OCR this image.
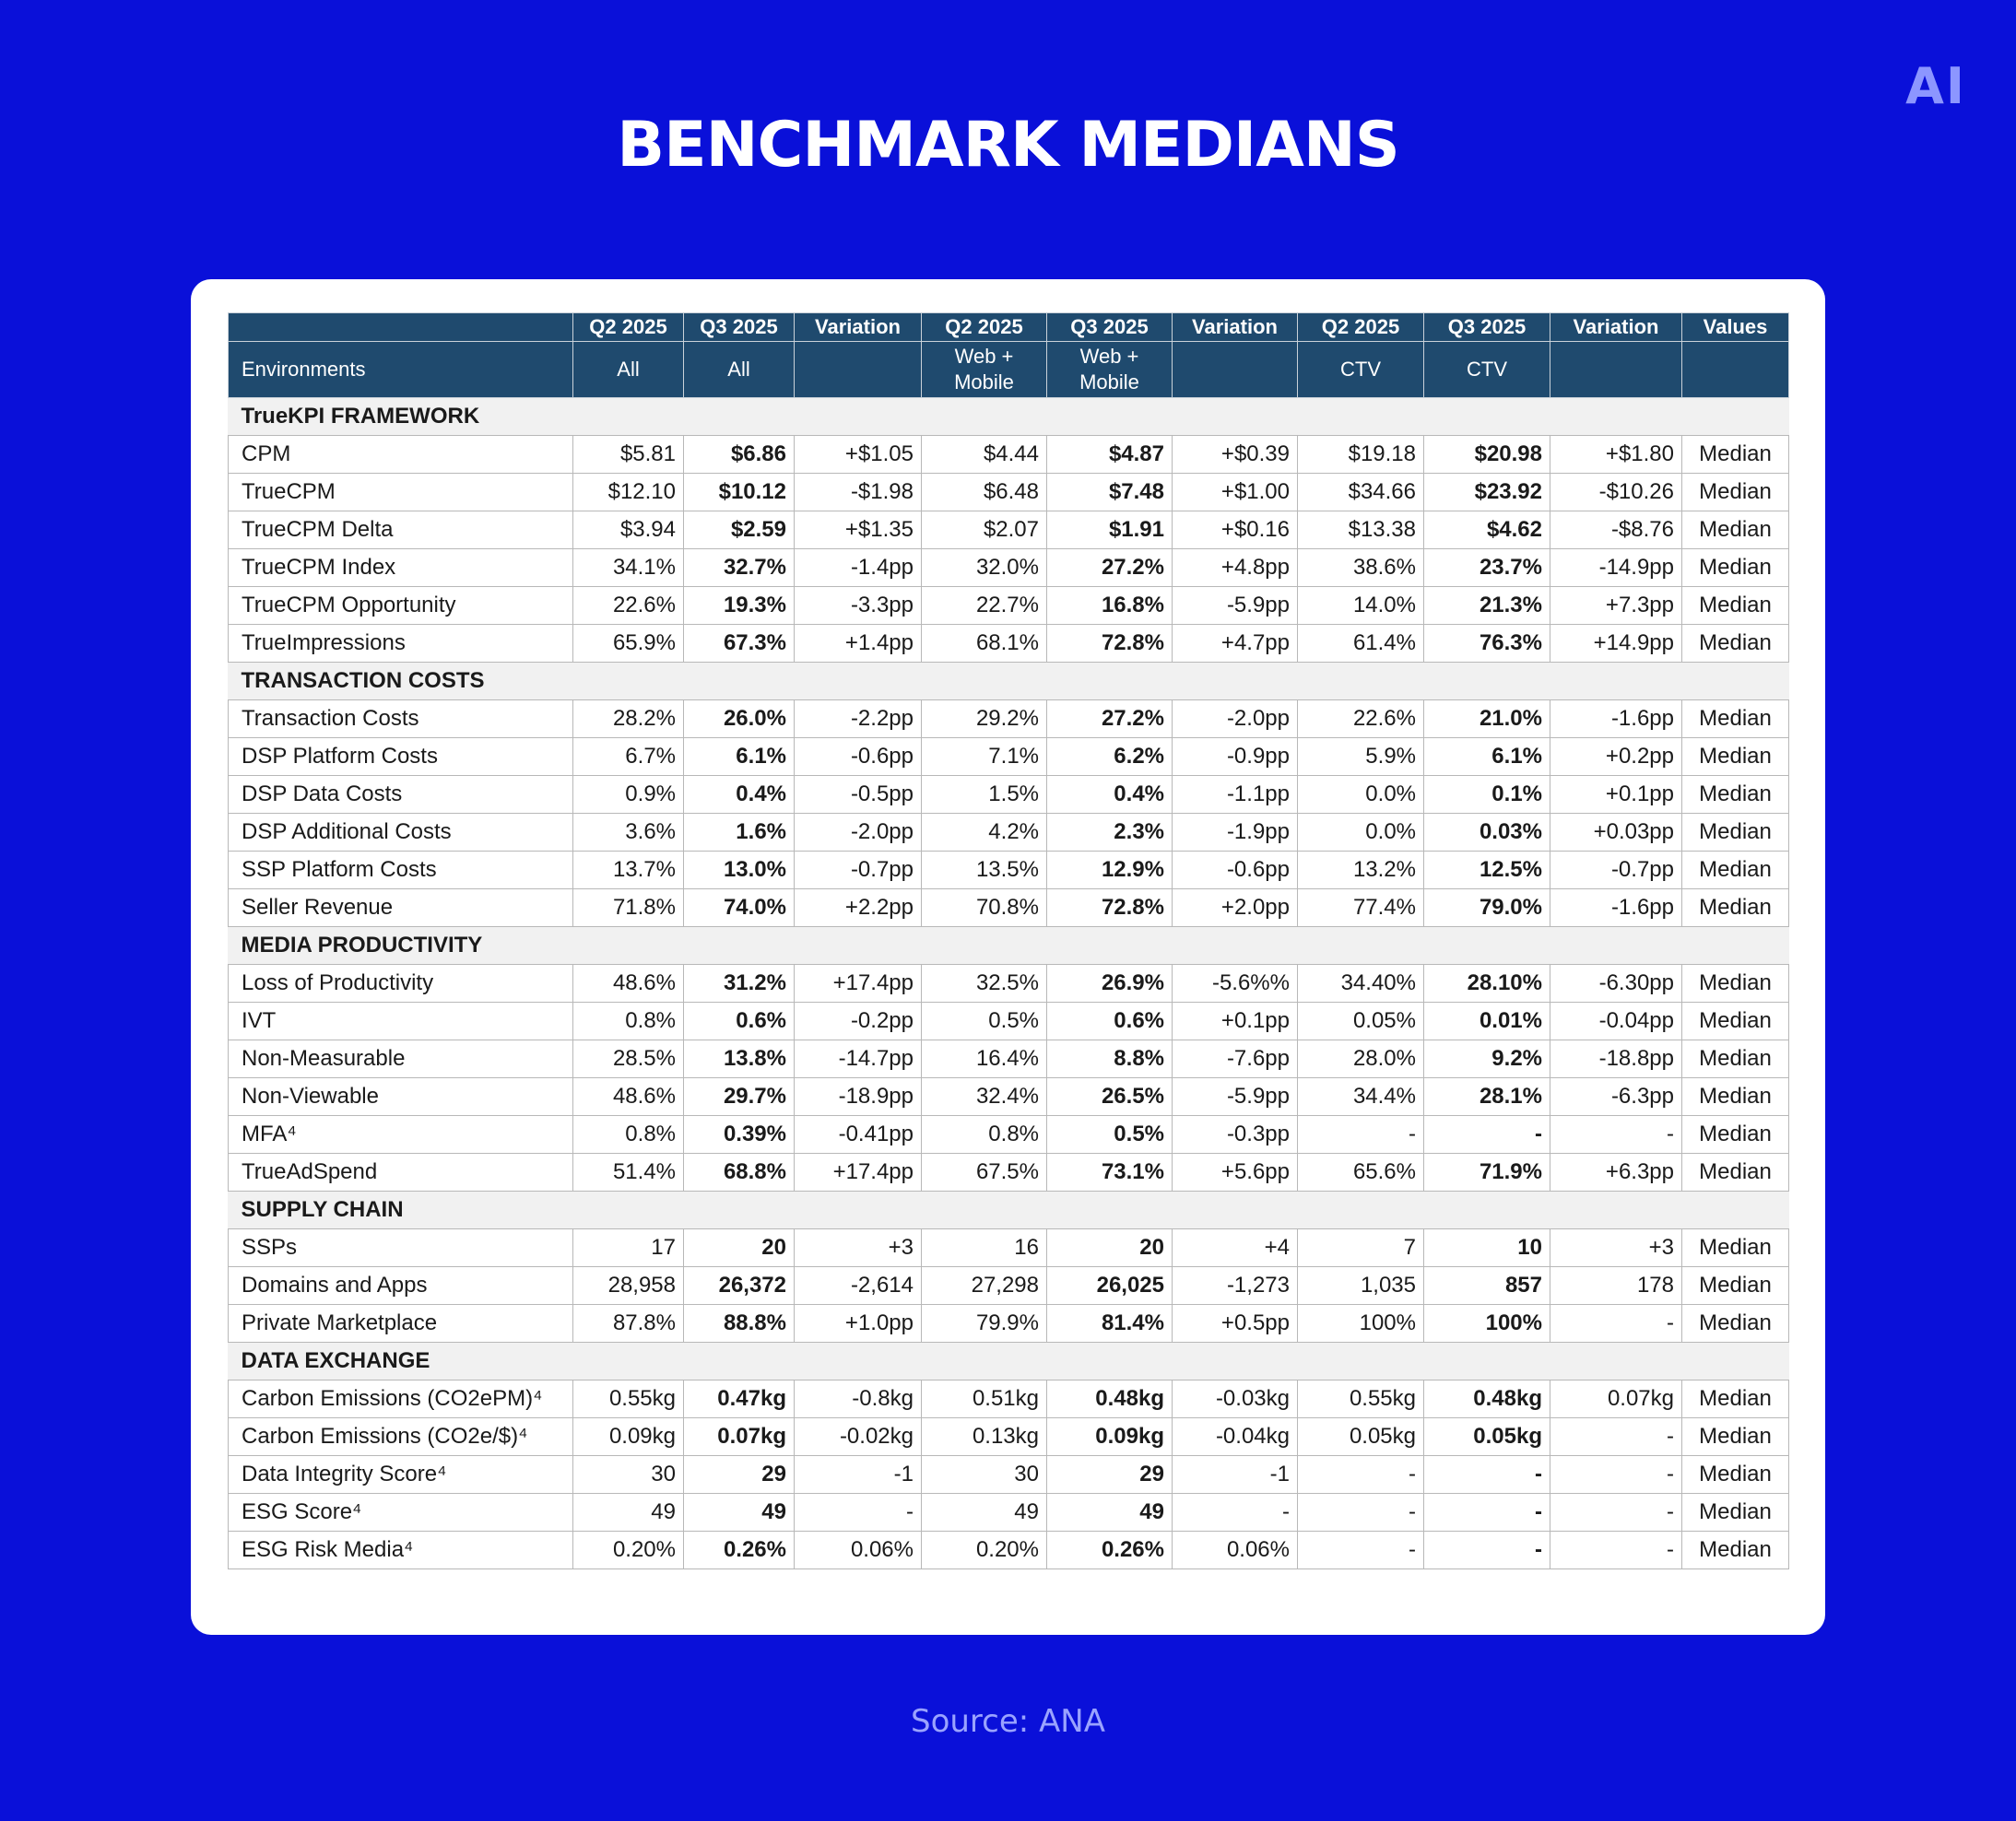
AI
BENCHMARK MEDIANS
	Q2 2025	Q3 2025	Variation	Q2 2025	Q3 2025	Variation	Q2 2025	Q3 2025	Variation	Values
Environments	All	All		Web + Mobile	Web + Mobile		CTV	CTV		
TrueKPI FRAMEWORK										
CPM	$5.81	$6.86	+$1.05	$4.44	$4.87	+$0.39	$19.18	$20.98	+$1.80	Median
TrueCPM	$12.10	$10.12	-$1.98	$6.48	$7.48	+$1.00	$34.66	$23.92	-$10.26	Median
TrueCPM Delta	$3.94	$2.59	+$1.35	$2.07	$1.91	+$0.16	$13.38	$4.62	-$8.76	Median
TrueCPM Index	34.1%	32.7%	-1.4pp	32.0%	27.2%	+4.8pp	38.6%	23.7%	-14.9pp	Median
TrueCPM Opportunity	22.6%	19.3%	-3.3pp	22.7%	16.8%	-5.9pp	14.0%	21.3%	+7.3pp	Median
TrueImpressions	65.9%	67.3%	+1.4pp	68.1%	72.8%	+4.7pp	61.4%	76.3%	+14.9pp	Median
TRANSACTION COSTS										
Transaction Costs	28.2%	26.0%	-2.2pp	29.2%	27.2%	-2.0pp	22.6%	21.0%	-1.6pp	Median
DSP Platform Costs	6.7%	6.1%	-0.6pp	7.1%	6.2%	-0.9pp	5.9%	6.1%	+0.2pp	Median
DSP Data Costs	0.9%	0.4%	-0.5pp	1.5%	0.4%	-1.1pp	0.0%	0.1%	+0.1pp	Median
DSP Additional Costs	3.6%	1.6%	-2.0pp	4.2%	2.3%	-1.9pp	0.0%	0.03%	+0.03pp	Median
SSP Platform Costs	13.7%	13.0%	-0.7pp	13.5%	12.9%	-0.6pp	13.2%	12.5%	-0.7pp	Median
Seller Revenue	71.8%	74.0%	+2.2pp	70.8%	72.8%	+2.0pp	77.4%	79.0%	-1.6pp	Median
MEDIA PRODUCTIVITY										
Loss of Productivity	48.6%	31.2%	+17.4pp	32.5%	26.9%	-5.6%%	34.40%	28.10%	-6.30pp	Median
IVT	0.8%	0.6%	-0.2pp	0.5%	0.6%	+0.1pp	0.05%	0.01%	-0.04pp	Median
Non-Measurable	28.5%	13.8%	-14.7pp	16.4%	8.8%	-7.6pp	28.0%	9.2%	-18.8pp	Median
Non-Viewable	48.6%	29.7%	-18.9pp	32.4%	26.5%	-5.9pp	34.4%	28.1%	-6.3pp	Median
MFA⁴	0.8%	0.39%	-0.41pp	0.8%	0.5%	-0.3pp	-	-	-	Median
TrueAdSpend	51.4%	68.8%	+17.4pp	67.5%	73.1%	+5.6pp	65.6%	71.9%	+6.3pp	Median
SUPPLY CHAIN										
SSPs	17	20	+3	16	20	+4	7	10	+3	Median
Domains and Apps	28,958	26,372	-2,614	27,298	26,025	-1,273	1,035	857	178	Median
Private Marketplace	87.8%	88.8%	+1.0pp	79.9%	81.4%	+0.5pp	100%	100%	-	Median
DATA EXCHANGE										
Carbon Emissions (CO2ePM)⁴	0.55kg	0.47kg	-0.8kg	0.51kg	0.48kg	-0.03kg	0.55kg	0.48kg	0.07kg	Median
Carbon Emissions (CO2e/$)⁴	0.09kg	0.07kg	-0.02kg	0.13kg	0.09kg	-0.04kg	0.05kg	0.05kg	-	Median
Data Integrity Score⁴	30	29	-1	30	29	-1	-	-	-	Median
ESG Score⁴	49	49	-	49	49	-	-	-	-	Median
ESG Risk Media⁴	0.20%	0.26%	0.06%	0.20%	0.26%	0.06%	-	-	-	Median
Source: ANA
